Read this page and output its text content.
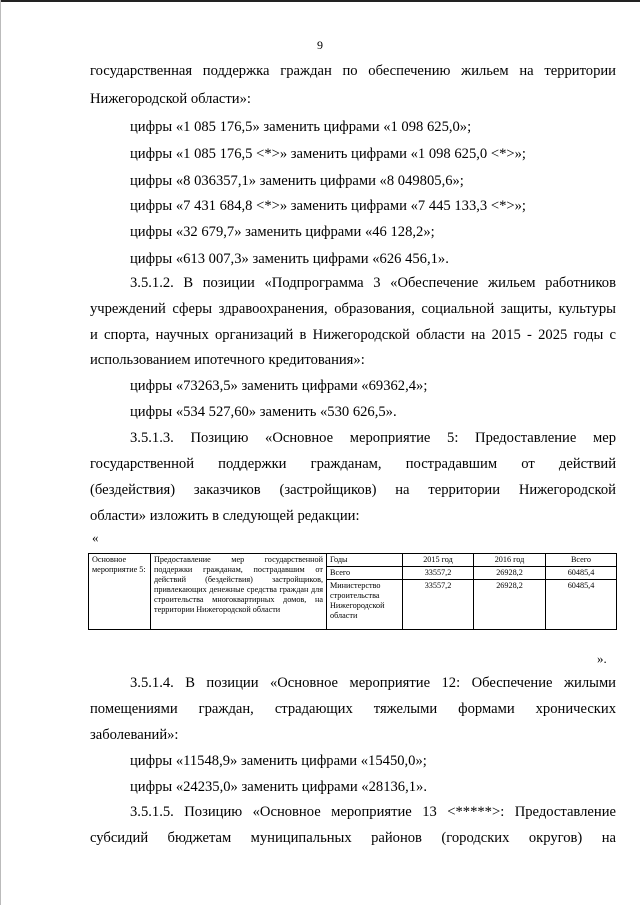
9
государственная поддержка граждан по обеспечению жильем на территории
Нижегородской области»:
цифры «1 085 176,5» заменить цифрами «1 098 625,0»;
цифры «1 085 176,5 <*>» заменить цифрами «1 098 625,0 <*>»;
цифры «8 036357,1» заменить цифрами «8 049805,6»;
цифры «7 431 684,8 <*>» заменить цифрами «7 445 133,3 <*>»;
цифры «32 679,7» заменить цифрами «46 128,2»;
цифры «613 007,3» заменить цифрами «626 456,1».
3.5.1.2. В позиции «Подпрограмма 3 «Обеспечение жильем работников
учреждений сферы здравоохранения, образования, социальной защиты, культуры
и спорта, научных организаций в Нижегородской области на 2015 - 2025 годы с
использованием ипотечного кредитования»:
цифры «73263,5» заменить цифрами «69362,4»;
цифры «534 527,60» заменить «530 626,5».
3.5.1.3. Позицию «Основное мероприятие 5: Предоставление мер
государственной поддержки гражданам, пострадавшим от действий
(бездействия) заказчиков (застройщиков) на территории Нижегородской
области» изложить в следующей редакции:
«
Основное мероприятие 5:	Предоставление мер государственной поддержки гражданам, пострадавшим от действий (бездействия) застройщиков, привлекающих денежные средства граждан для строительства многоквартирных домов, на территории Нижегородской области	Годы	2015 год	2016 год	Всего
		Всего	33557,2	26928,2	60485,4
		Министерство строительства Нижегородской области	33557,2	26928,2	60485,4
».
3.5.1.4. В позиции «Основное мероприятие 12: Обеспечение жилыми
помещениями граждан, страдающих тяжелыми формами хронических
заболеваний»:
цифры «11548,9» заменить цифрами «15450,0»;
цифры «24235,0» заменить цифрами «28136,1».
3.5.1.5. Позицию «Основное мероприятие 13 <*****>: Предоставление
субсидий бюджетам муниципальных районов (городских округов) на
